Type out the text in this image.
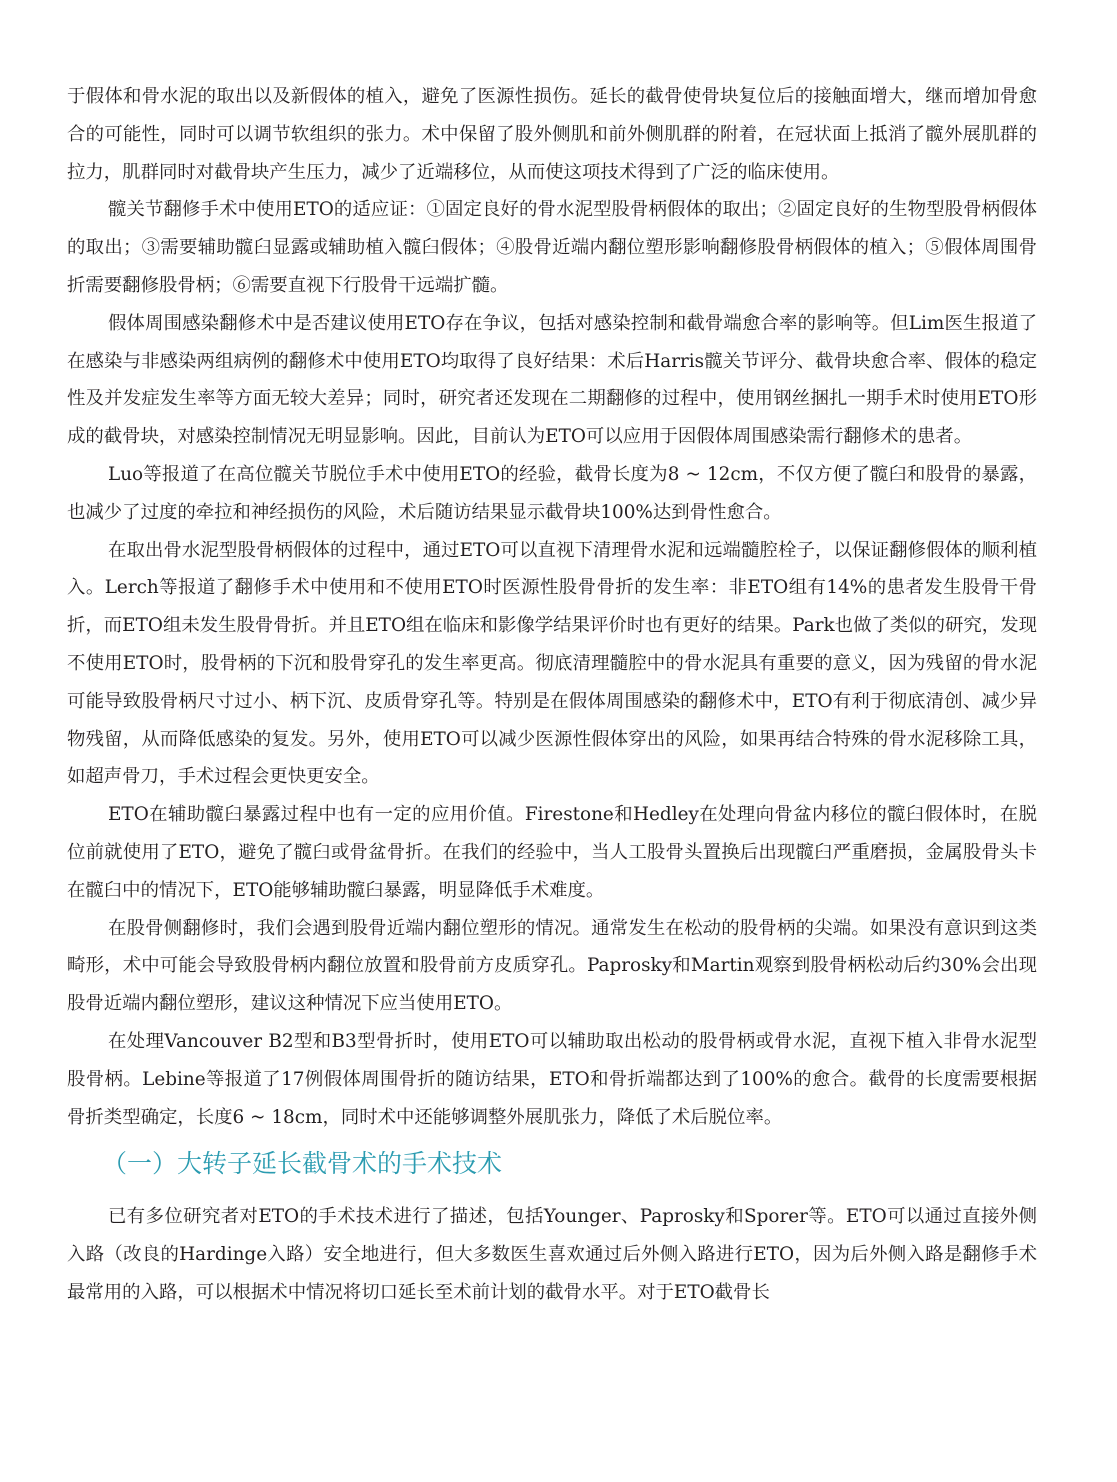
于假体和骨水泥的取出以及新假体的植入，避免了医源性损伤。延长的截骨使骨块复位后的接触面增大，继而增加骨愈合的可能性，同时可以调节软组织的张力。术中保留了股外侧肌和前外侧肌群的附着，在冠状面上抵消了髋外展肌群的拉力，肌群同时对截骨块产生压力，减少了近端移位，从而使这项技术得到了广泛的临床使用。

髋关节翻修手术中使用ETO的适应证：①固定良好的骨水泥型股骨柄假体的取出；②固定良好的生物型股骨柄假体的取出；③需要辅助髋臼显露或辅助植入髋臼假体；④股骨近端内翻位塑形影响翻修股骨柄假体的植入；⑤假体周围骨折需要翻修股骨柄；⑥需要直视下行股骨干远端扩髓。

假体周围感染翻修术中是否建议使用ETO存在争议，包括对感染控制和截骨端愈合率的影响等。但Lim医生报道了在感染与非感染两组病例的翻修术中使用ETO均取得了良好结果：术后Harris髋关节评分、截骨块愈合率、假体的稳定性及并发症发生率等方面无较大差异；同时，研究者还发现在二期翻修的过程中，使用钢丝捆扎一期手术时使用ETO形成的截骨块，对感染控制情况无明显影响。因此，目前认为ETO可以应用于因假体周围感染需行翻修术的患者。

Luo等报道了在高位髋关节脱位手术中使用ETO的经验，截骨长度为8 ~ 12cm，不仅方便了髋臼和股骨的暴露，也减少了过度的牵拉和神经损伤的风险，术后随访结果显示截骨块100%达到骨性愈合。

在取出骨水泥型股骨柄假体的过程中，通过ETO可以直视下清理骨水泥和远端髓腔栓子，以保证翻修假体的顺利植入。Lerch等报道了翻修手术中使用和不使用ETO时医源性股骨骨折的发生率：非ETO组有14%的患者发生股骨干骨折，而ETO组未发生股骨骨折。并且ETO组在临床和影像学结果评价时也有更好的结果。Park也做了类似的研究，发现不使用ETO时，股骨柄的下沉和股骨穿孔的发生率更高。彻底清理髓腔中的骨水泥具有重要的意义，因为残留的骨水泥可能导致股骨柄尺寸过小、柄下沉、皮质骨穿孔等。特别是在假体周围感染的翻修术中，ETO有利于彻底清创、减少异物残留，从而降低感染的复发。另外，使用ETO可以减少医源性假体穿出的风险，如果再结合特殊的骨水泥移除工具，如超声骨刀，手术过程会更快更安全。

ETO在辅助髋臼暴露过程中也有一定的应用价值。Firestone和Hedley在处理向骨盆内移位的髋臼假体时，在脱位前就使用了ETO，避免了髋臼或骨盆骨折。在我们的经验中，当人工股骨头置换后出现髋臼严重磨损，金属股骨头卡在髋臼中的情况下，ETO能够辅助髋臼暴露，明显降低手术难度。

在股骨侧翻修时，我们会遇到股骨近端内翻位塑形的情况。通常发生在松动的股骨柄的尖端。如果没有意识到这类畸形，术中可能会导致股骨柄内翻位放置和股骨前方皮质穿孔。Paprosky和Martin观察到股骨柄松动后约30%会出现股骨近端内翻位塑形，建议这种情况下应当使用ETO。

在处理Vancouver B2型和B3型骨折时，使用ETO可以辅助取出松动的股骨柄或骨水泥，直视下植入非骨水泥型股骨柄。Lebine等报道了17例假体周围骨折的随访结果，ETO和骨折端都达到了100%的愈合。截骨的长度需要根据骨折类型确定，长度6 ~ 18cm，同时术中还能够调整外展肌张力，降低了术后脱位率。

（一）大转子延长截骨术的手术技术

已有多位研究者对ETO的手术技术进行了描述，包括Younger、Paprosky和Sporer等。ETO可以通过直接外侧入路（改良的Hardinge入路）安全地进行，但大多数医生喜欢通过后外侧入路进行ETO，因为后外侧入路是翻修手术最常用的入路，可以根据术中情况将切口延长至术前计划的截骨水平。对于ETO截骨长
